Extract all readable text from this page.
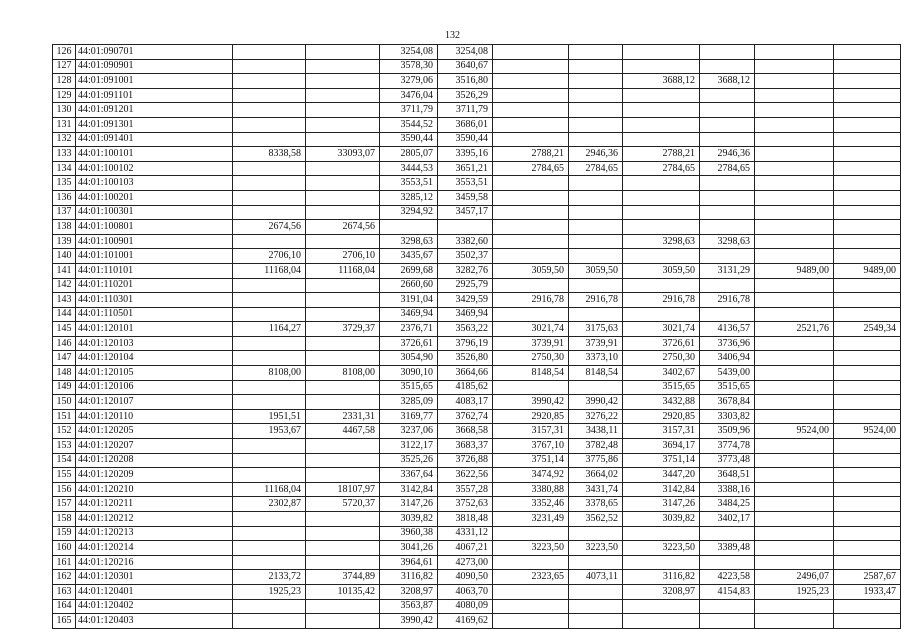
132
126	44:01:090701			3254,08	3254,08						
127	44:01:090901			3578,30	3640,67						
128	44:01:091001			3279,06	3516,80			3688,12	3688,12		
129	44:01:091101			3476,04	3526,29						
130	44:01:091201			3711,79	3711,79						
131	44:01:091301			3544,52	3686,01						
132	44:01:091401			3590,44	3590,44						
133	44:01:100101	8338,58	33093,07	2805,07	3395,16	2788,21	2946,36	2788,21	2946,36		
134	44:01:100102			3444,53	3651,21	2784,65	2784,65	2784,65	2784,65		
135	44:01:100103			3553,51	3553,51						
136	44:01:100201			3285,12	3459,58						
137	44:01:100301			3294,92	3457,17						
138	44:01:100801	2674,56	2674,56								
139	44:01:100901			3298,63	3382,60			3298,63	3298,63		
140	44:01:101001	2706,10	2706,10	3435,67	3502,37						
141	44:01:110101	11168,04	11168,04	2699,68	3282,76	3059,50	3059,50	3059,50	3131,29	9489,00	9489,00
142	44:01:110201			2660,60	2925,79						
143	44:01:110301			3191,04	3429,59	2916,78	2916,78	2916,78	2916,78		
144	44:01:110501			3469,94	3469,94						
145	44:01:120101	1164,27	3729,37	2376,71	3563,22	3021,74	3175,63	3021,74	4136,57	2521,76	2549,34
146	44:01:120103			3726,61	3796,19	3739,91	3739,91	3726,61	3736,96		
147	44:01:120104			3054,90	3526,80	2750,30	3373,10	2750,30	3406,94		
148	44:01:120105	8108,00	8108,00	3090,10	3664,66	8148,54	8148,54	3402,67	5439,00		
149	44:01:120106			3515,65	4185,62			3515,65	3515,65		
150	44:01:120107			3285,09	4083,17	3990,42	3990,42	3432,88	3678,84		
151	44:01:120110	1951,51	2331,31	3169,77	3762,74	2920,85	3276,22	2920,85	3303,82		
152	44:01:120205	1953,67	4467,58	3237,06	3668,58	3157,31	3438,11	3157,31	3509,96	9524,00	9524,00
153	44:01:120207			3122,17	3683,37	3767,10	3782,48	3694,17	3774,78		
154	44:01:120208			3525,26	3726,88	3751,14	3775,86	3751,14	3773,48		
155	44:01:120209			3367,64	3622,56	3474,92	3664,02	3447,20	3648,51		
156	44:01:120210	11168,04	18107,97	3142,84	3557,28	3380,88	3431,74	3142,84	3388,16		
157	44:01:120211	2302,87	5720,37	3147,26	3752,63	3352,46	3378,65	3147,26	3484,25		
158	44:01:120212			3039,82	3818,48	3231,49	3562,52	3039,82	3402,17		
159	44:01:120213			3960,38	4331,12						
160	44:01:120214			3041,26	4067,21	3223,50	3223,50	3223,50	3389,48		
161	44:01:120216			3964,61	4273,00						
162	44:01:120301	2133,72	3744,89	3116,82	4090,50	2323,65	4073,11	3116,82	4223,58	2496,07	2587,67
163	44:01:120401	1925,23	10135,42	3208,97	4063,70			3208,97	4154,83	1925,23	1933,47
164	44:01:120402			3563,87	4080,09						
165	44:01:120403			3990,42	4169,62						
